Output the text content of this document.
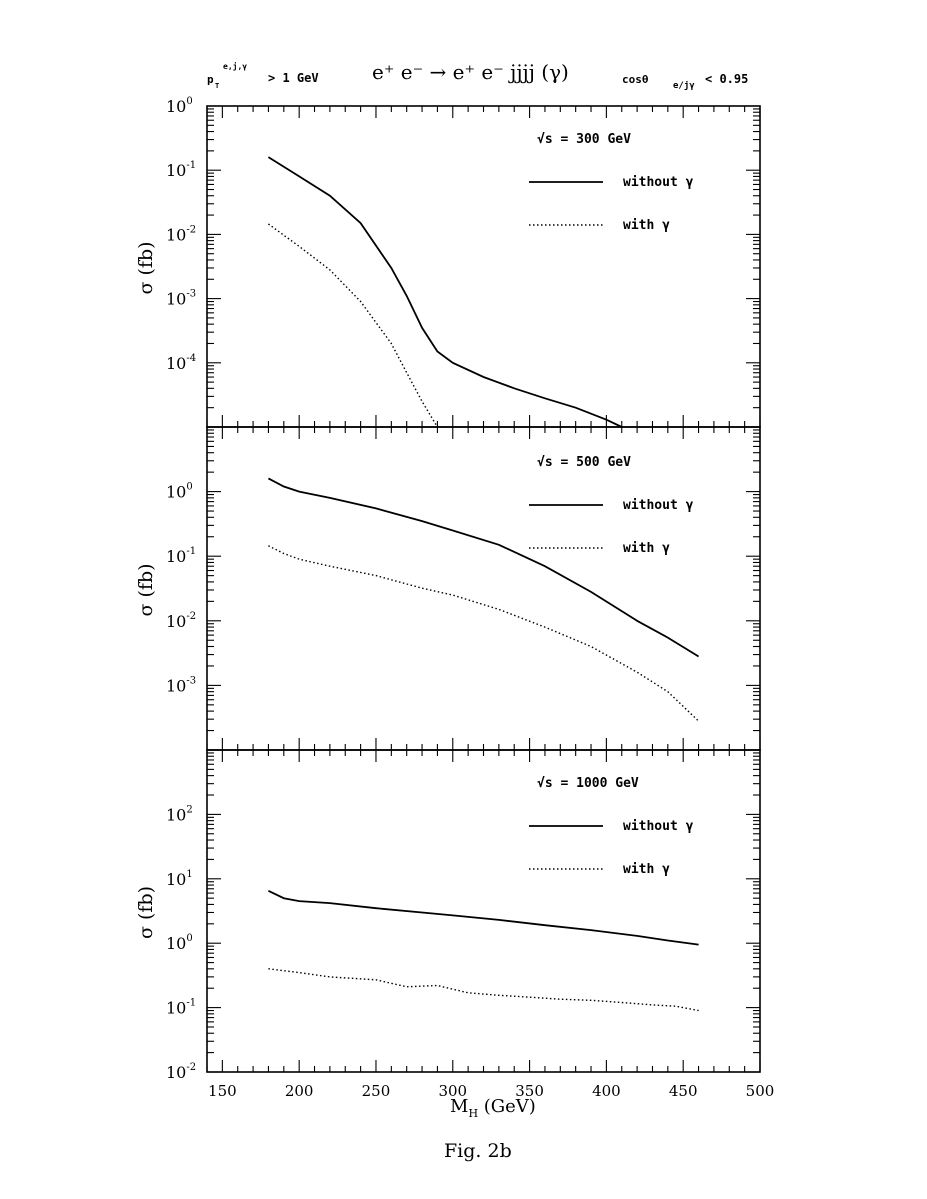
p T
e,j,γ
> 1 GeV	e⁺ e⁻ → e⁺ e⁻ jjjj (γ)	cosθ	e/jγ < 0.95
$10^0$
$10^{-1}$
$10^{-2}$
$10^{-3}$
$10^{-4}$
σ (fb)
√s = 300 GeV
without γ
with γ
$10^0$
$10^{-1}$
$10^{-2}$
$10^{-3}$
σ (fb)
√s = 500 GeV
without γ
with γ
$10^2$
$10^1$
$10^0$
$10^{-1}$
$10^{-2}$
σ (fb)
150	200	250	300	350	400	450	500
√s = 1000 GeV
without γ
with γ
$M_H$ (GeV)
Fig. 2b
